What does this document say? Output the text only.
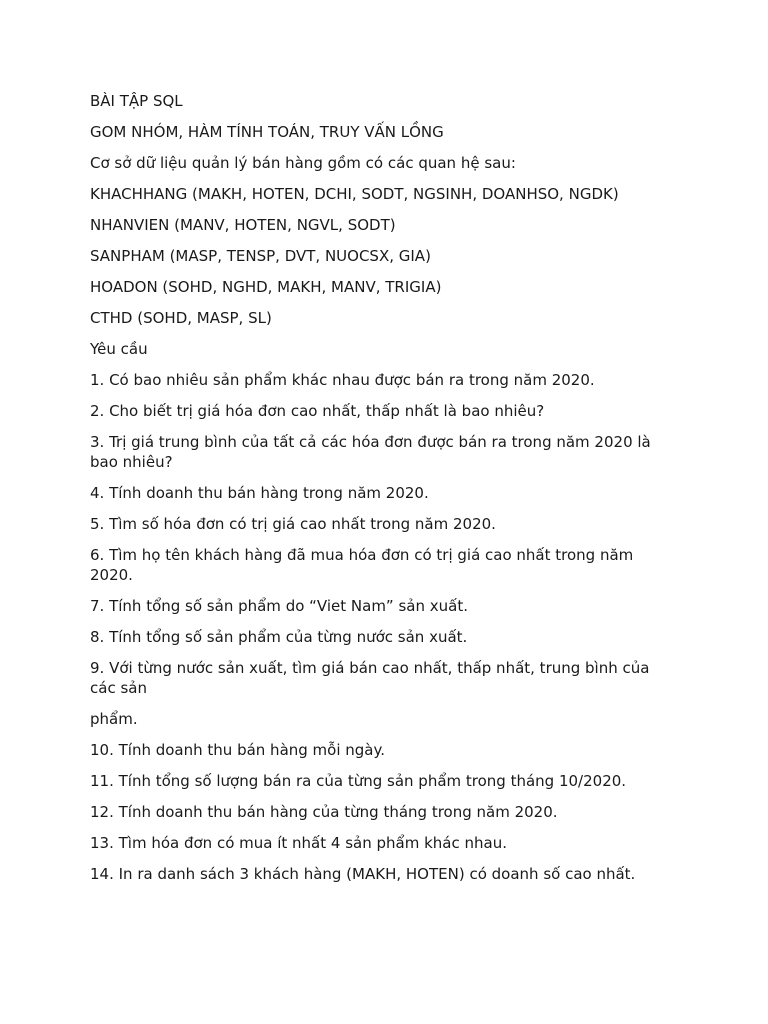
BÀI TẬP SQL

GOM NHÓM, HÀM TÍNH TOÁN, TRUY VẤN LỒNG

Cơ sở dữ liệu quản lý bán hàng gồm có các quan hệ sau:

KHACHHANG (MAKH, HOTEN, DCHI, SODT, NGSINH, DOANHSO, NGDK)

NHANVIEN (MANV, HOTEN, NGVL, SODT)

SANPHAM (MASP, TENSP, DVT, NUOCSX, GIA)

HOADON (SOHD, NGHD, MAKH, MANV, TRIGIA)

CTHD (SOHD, MASP, SL)

Yêu cầu

1. Có bao nhiêu sản phẩm khác nhau được bán ra trong năm 2020.
2. Cho biết trị giá hóa đơn cao nhất, thấp nhất là bao nhiêu?
3. Trị giá trung bình của tất cả các hóa đơn được bán ra trong năm 2020 là bao nhiêu?
4. Tính doanh thu bán hàng trong năm 2020.
5. Tìm số hóa đơn có trị giá cao nhất trong năm 2020.
6. Tìm họ tên khách hàng đã mua hóa đơn có trị giá cao nhất trong năm 2020.
7. Tính tổng số sản phẩm do “Viet Nam” sản xuất.
8. Tính tổng số sản phẩm của từng nước sản xuất.
9. Với từng nước sản xuất, tìm giá bán cao nhất, thấp nhất, trung bình của các sản
phẩm.
10. Tính doanh thu bán hàng mỗi ngày.
11. Tính tổng số lượng bán ra của từng sản phẩm trong tháng 10/2020.
12. Tính doanh thu bán hàng của từng tháng trong năm 2020.
13. Tìm hóa đơn có mua ít nhất 4 sản phẩm khác nhau.
14. In ra danh sách 3 khách hàng (MAKH, HOTEN) có doanh số cao nhất.
